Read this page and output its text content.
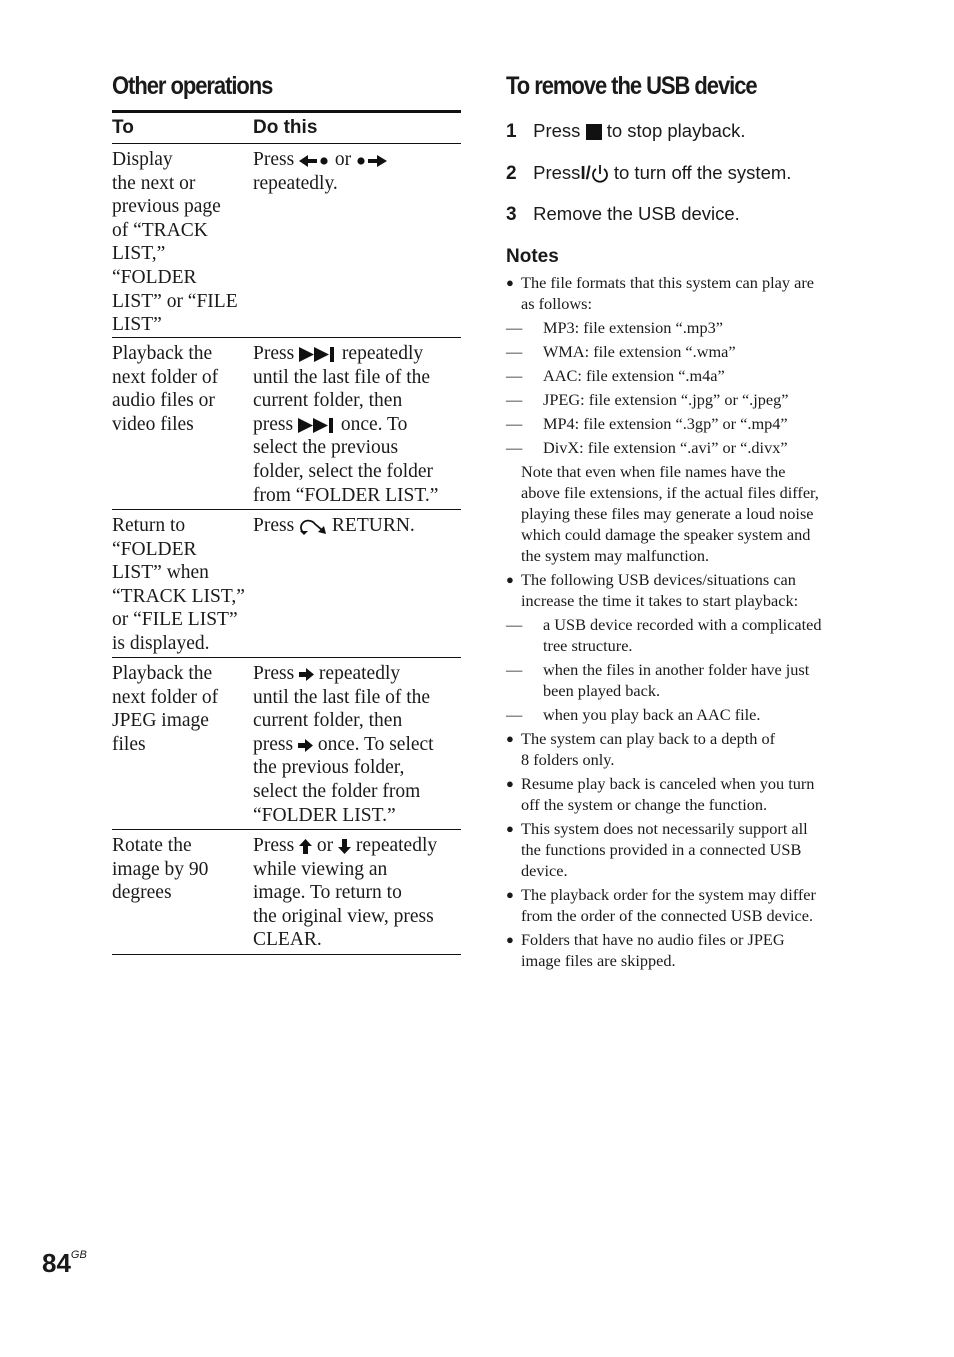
Other operations
To	Do this
Display
the next or
previous page
of “TRACK
LIST,”
“FOLDER
LIST” or “FILE
LIST”
Press or
repeatedly.
Playback the
next folder of
audio files or
video files
Press repeatedly
until the last file of the
current folder, then
press once. To
select the previous
folder, select the folder
from “FOLDER LIST.”
Return to
“FOLDER
LIST” when
“TRACK LIST,”
or “FILE LIST”
is displayed.
Press RETURN.
Playback the
next folder of
JPEG image
files
Press repeatedly
until the last file of the
current folder, then
press once. To select
the previous folder,
select the folder from
“FOLDER LIST.”
Rotate the
image by 90
degrees
Press or repeatedly
while viewing an
image. To return to
the original view, press
CLEAR.
To remove the USB device
1 Press to stop playback.
2 PressI/ to turn off the system.
3 Remove the USB device.
Notes
● The file formats that this system can play are
as follows:
— MP3: file extension “.mp3”
— WMA: file extension “.wma”
— AAC: file extension “.m4a”
— JPEG: file extension “.jpg” or “.jpeg”
— MP4: file extension “.3gp” or “.mp4”
— DivX: file extension “.avi” or “.divx”
Note that even when file names have the
above file extensions, if the actual files differ,
playing these files may generate a loud noise
which could damage the speaker system and
the system may malfunction.
● The following USB devices/situations can
increase the time it takes to start playback:
— a USB device recorded with a complicated
tree structure.
— when the files in another folder have just
been played back.
— when you play back an AAC file.
● The system can play back to a depth of
8 folders only.
● Resume play back is canceled when you turn
off the system or change the function.
● This system does not necessarily support all
the functions provided in a connected USB
device.
● The playback order for the system may differ
from the order of the connected USB device.
● Folders that have no audio files or JPEG
image files are skipped.
$84^{GB}$
